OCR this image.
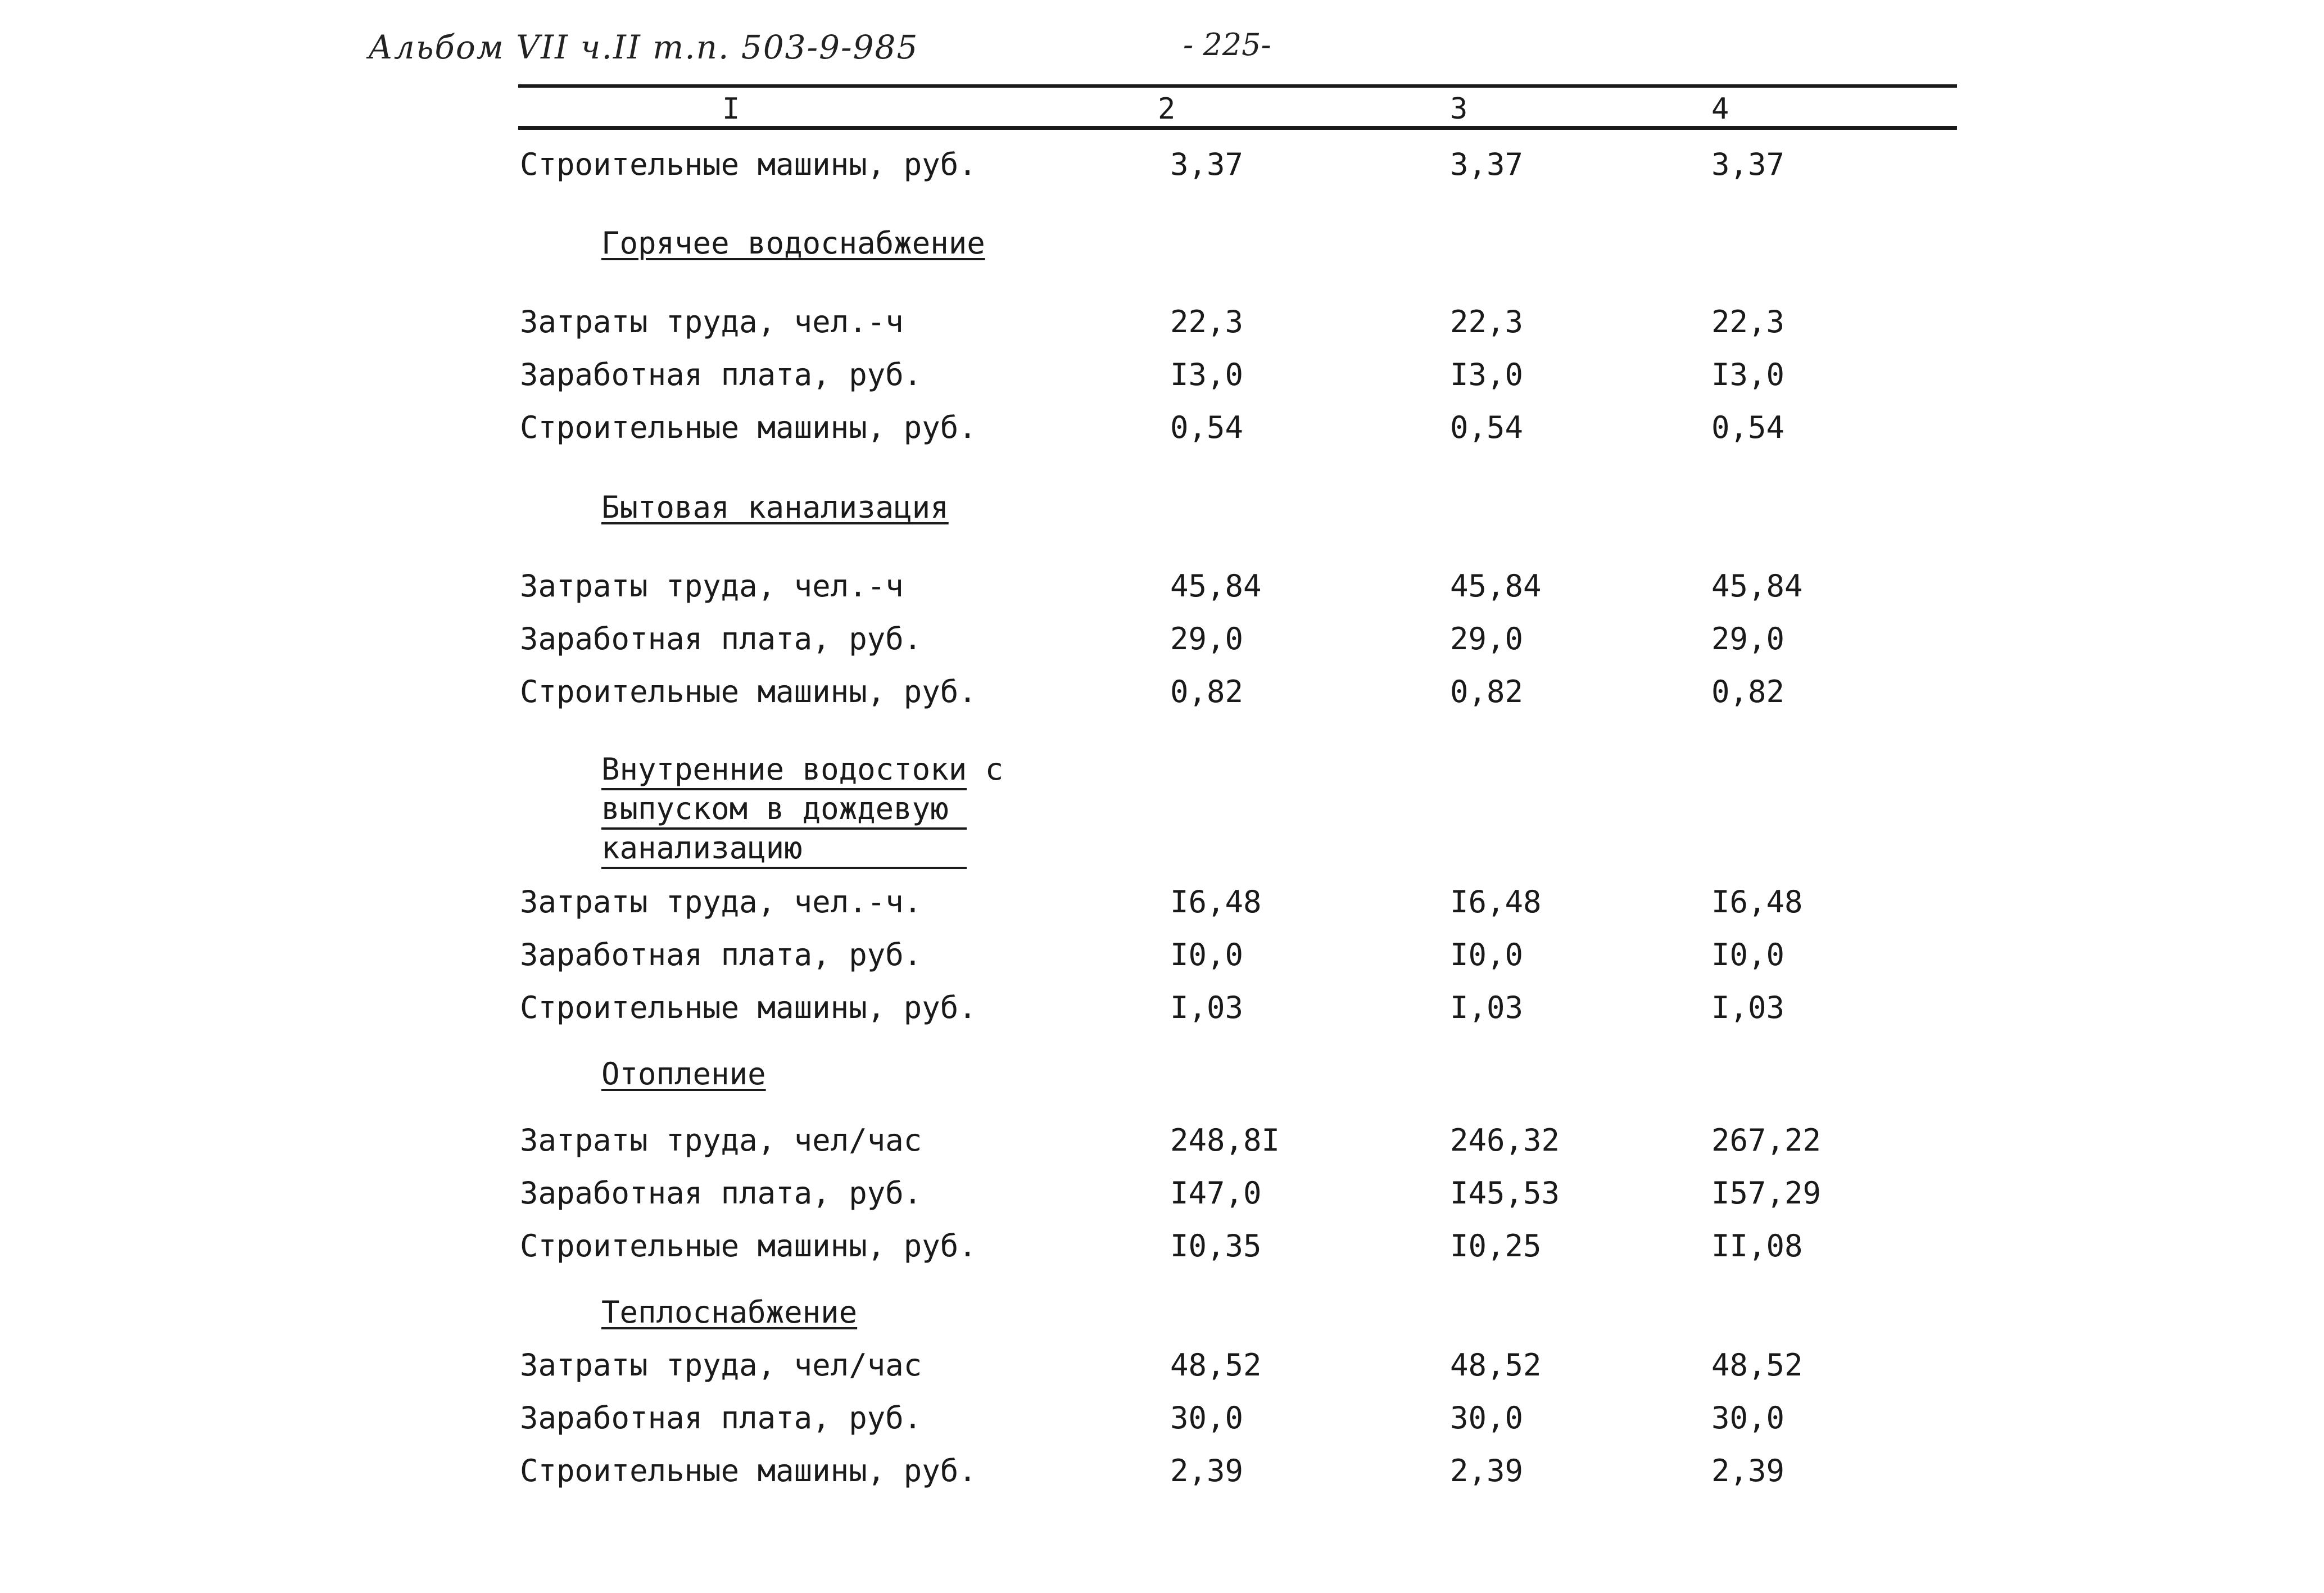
Альбом VII ч.II т.п. 503-9-985	- 225-
I	2	3	4
Строительные машины, руб.	3,37	3,37	3,37
Горячее водоснабжение
Затраты труда, чел.-ч	22,3	22,3	22,3
Заработная плата, руб.	I3,0	I3,0	I3,0
Строительные машины, руб.	0,54	0,54	0,54
Бытовая канализация
Затраты труда, чел.-ч	45,84	45,84	45,84
Заработная плата, руб.	29,0	29,0	29,0
Строительные машины, руб.	0,82	0,82	0,82
Внутренние водостоки с
выпуском в дождевую
канализацию
Затраты труда, чел.-ч.	I6,48	I6,48	I6,48
Заработная плата, руб.	I0,0	I0,0	I0,0
Строительные машины, руб.	I,03	I,03	I,03
Отопление
Затраты труда, чел/час	248,8I	246,32	267,22
Заработная плата, руб.	I47,0	I45,53	I57,29
Строительные машины, руб.	I0,35	I0,25	II,08
Теплоснабжение
Затраты труда, чел/час	48,52	48,52	48,52
Заработная плата, руб.	30,0	30,0	30,0
Строительные машины, руб.	2,39	2,39	2,39
